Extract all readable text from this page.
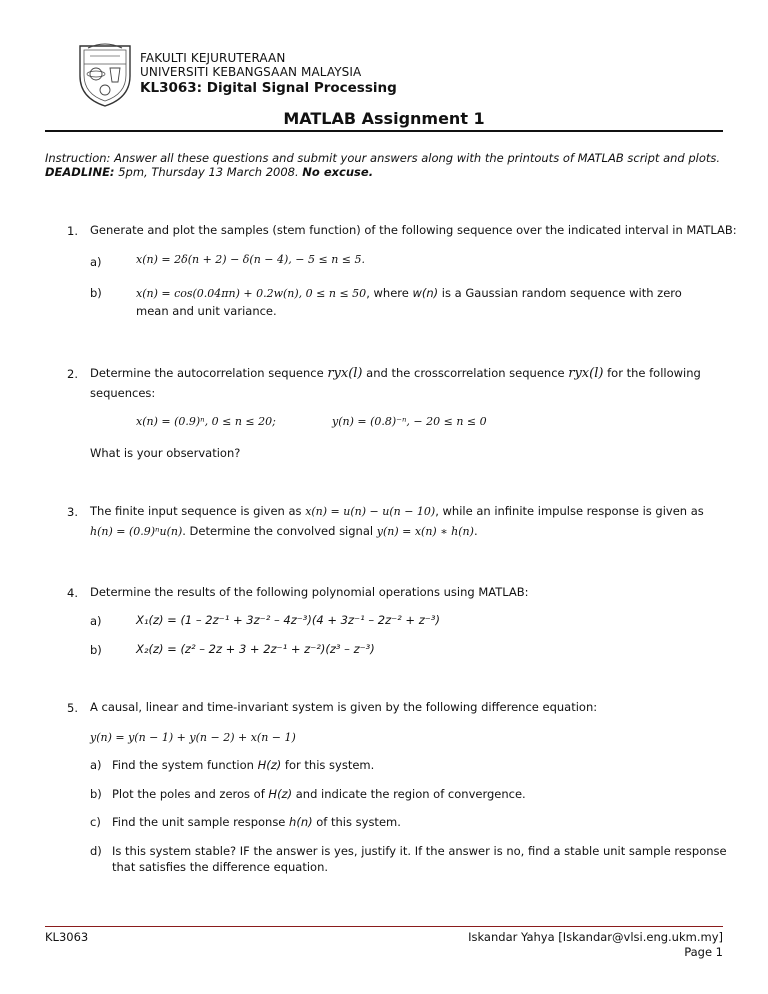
FAKULTI KEJURUTERAAN
UNIVERSITI KEBANGSAAN MALAYSIA
KL3063: Digital Signal Processing
MATLAB Assignment 1
Instruction: Answer all these questions and submit your answers along with the printouts of MATLAB script and plots.
DEADLINE: 5pm, Thursday 13 March 2008. No excuse.
1. Generate and plot the samples (stem function) of the following sequence over the indicated interval in MATLAB:
a)	x(n) = 2δ(n + 2) − δ(n − 4), − 5 ≤ n ≤ 5.
b)	x(n) = cos(0.04πn) + 0.2w(n), 0 ≤ n ≤ 50, where w(n) is a Gaussian random sequence with zero
mean and unit variance.
2. Determine the autocorrelation sequence ryx(l) and the crosscorrelation sequence ryx(l) for the following
sequences:
x(n) = (0.9)ⁿ, 0 ≤ n ≤ 20;	y(n) = (0.8)⁻ⁿ, − 20 ≤ n ≤ 0
What is your observation?
3. The finite input sequence is given as x(n) = u(n) − u(n − 10), while an infinite impulse response is given as
h(n) = (0.9)ⁿu(n). Determine the convolved signal y(n) = x(n) ∗ h(n).
4. Determine the results of the following polynomial operations using MATLAB:
a)	X₁(z) = (1 – 2z⁻¹ + 3z⁻² – 4z⁻³)(4 + 3z⁻¹ – 2z⁻² + z⁻³)
b)	X₂(z) = (z² – 2z + 3 + 2z⁻¹ + z⁻²)(z³ – z⁻³)
5. A causal, linear and time-invariant system is given by the following difference equation:
y(n) = y(n − 1) + y(n − 2) + x(n − 1)
a) Find the system function H(z) for this system.
b) Plot the poles and zeros of H(z) and indicate the region of convergence.
c) Find the unit sample response h(n) of this system.
d) Is this system stable? IF the answer is yes, justify it. If the answer is no, find a stable unit sample response
that satisfies the difference equation.
KL3063	Iskandar Yahya [Iskandar@vlsi.eng.ukm.my]
Page 1
